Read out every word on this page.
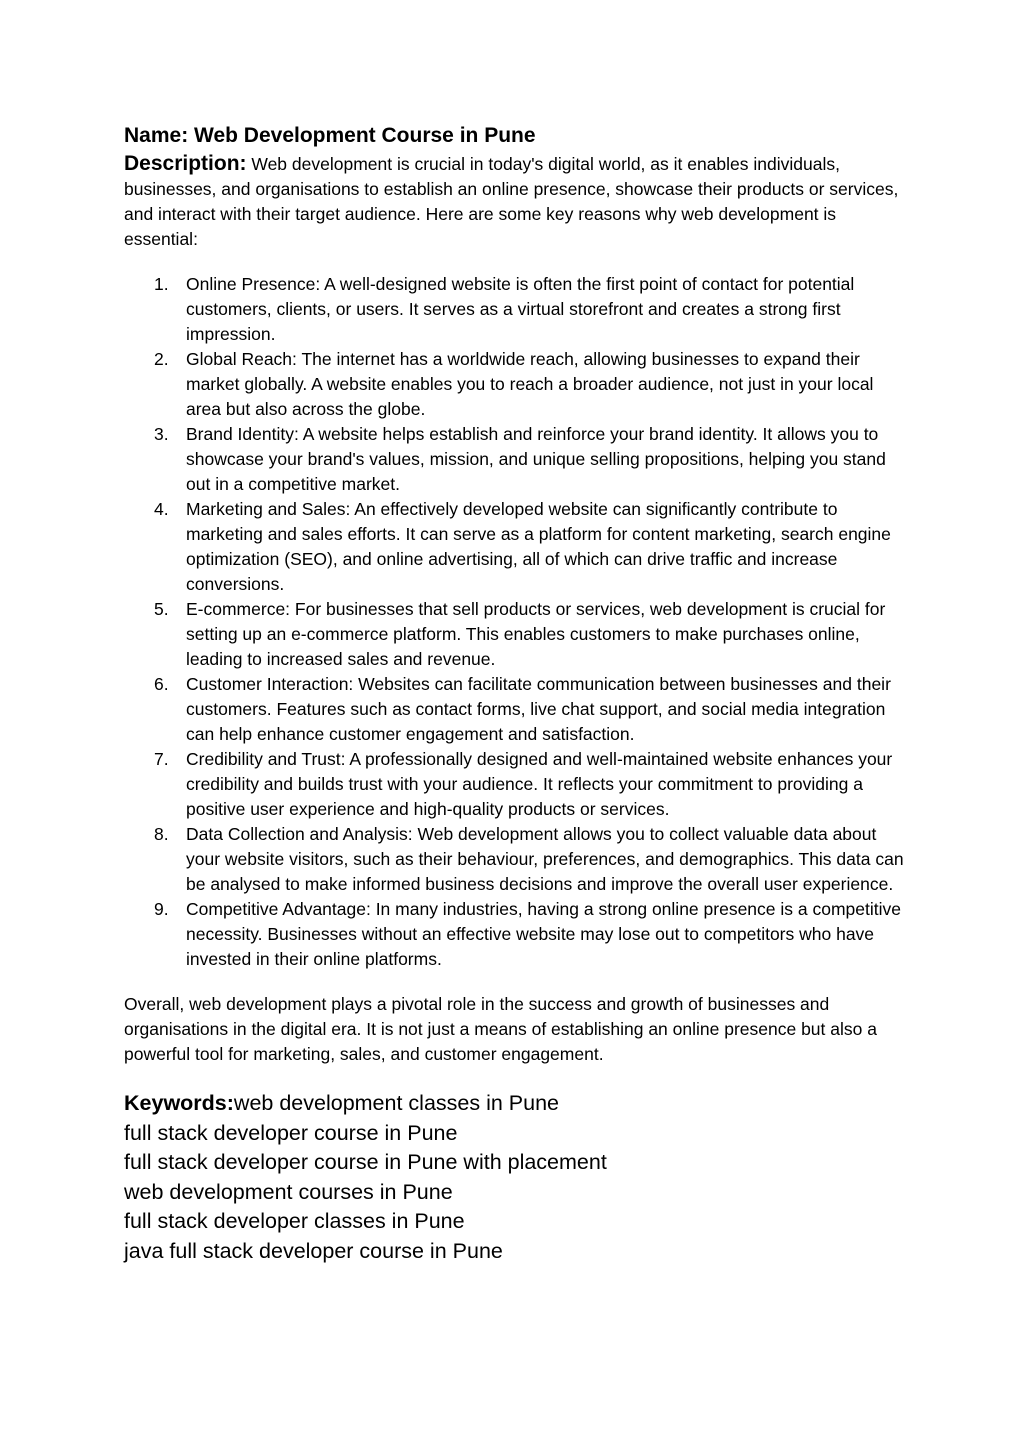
Name: Web Development Course in Pune

Description: Web development is crucial in today's digital world, as it enables individuals, businesses, and organisations to establish an online presence, showcase their products or services, and interact with their target audience. Here are some key reasons why web development is essential:

1. Online Presence: A well-designed website is often the first point of contact for potential customers, clients, or users. It serves as a virtual storefront and creates a strong first impression.
2. Global Reach: The internet has a worldwide reach, allowing businesses to expand their market globally. A website enables you to reach a broader audience, not just in your local area but also across the globe.
3. Brand Identity: A website helps establish and reinforce your brand identity. It allows you to showcase your brand's values, mission, and unique selling propositions, helping you stand out in a competitive market.
4. Marketing and Sales: An effectively developed website can significantly contribute to marketing and sales efforts. It can serve as a platform for content marketing, search engine optimization (SEO), and online advertising, all of which can drive traffic and increase conversions.
5. E-commerce: For businesses that sell products or services, web development is crucial for setting up an e-commerce platform. This enables customers to make purchases online, leading to increased sales and revenue.
6. Customer Interaction: Websites can facilitate communication between businesses and their customers. Features such as contact forms, live chat support, and social media integration can help enhance customer engagement and satisfaction.
7. Credibility and Trust: A professionally designed and well-maintained website enhances your credibility and builds trust with your audience. It reflects your commitment to providing a positive user experience and high-quality products or services.
8. Data Collection and Analysis: Web development allows you to collect valuable data about your website visitors, such as their behaviour, preferences, and demographics. This data can be analysed to make informed business decisions and improve the overall user experience.
9. Competitive Advantage: In many industries, having a strong online presence is a competitive necessity. Businesses without an effective website may lose out to competitors who have invested in their online platforms.

Overall, web development plays a pivotal role in the success and growth of businesses and organisations in the digital era. It is not just a means of establishing an online presence but also a powerful tool for marketing, sales, and customer engagement.

Keywords:web development classes in Pune
full stack developer course in Pune
full stack developer course in Pune with placement
web development courses in Pune
full stack developer classes in Pune
java full stack developer course in Pune
